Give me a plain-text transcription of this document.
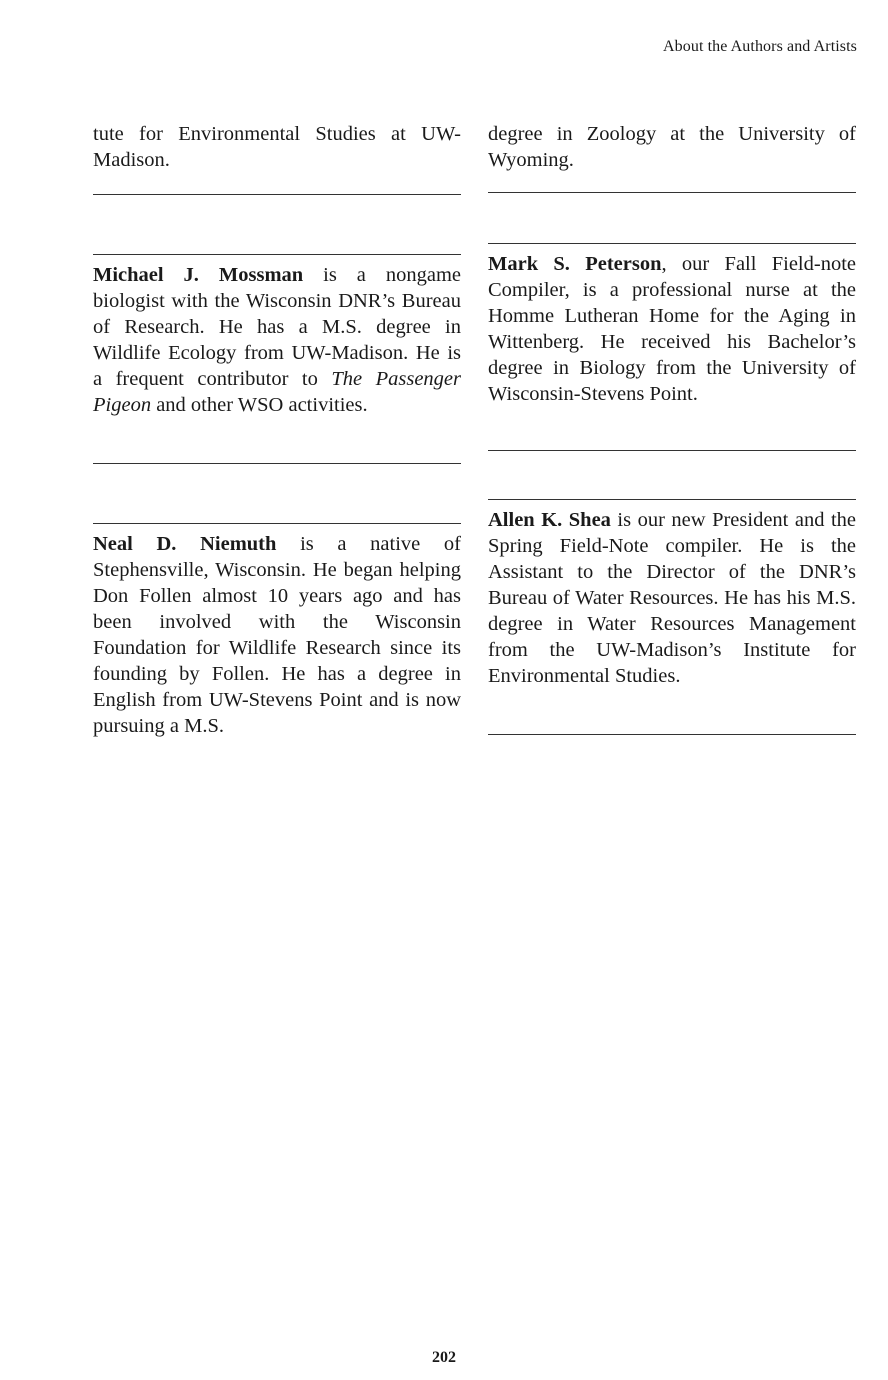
About the Authors and Artists

tute for Environmental Studies at UW-Madison.

Michael J. Mossman is a nongame biologist with the Wisconsin DNR’s Bureau of Research. He has a M.S. degree in Wildlife Ecology from UW-Madison. He is a frequent contributor to The Passenger Pigeon and other WSO activities.

Neal D. Niemuth is a native of Stephensville, Wisconsin. He began helping Don Follen almost 10 years ago and has been involved with the Wisconsin Foundation for Wildlife Research since its founding by Follen. He has a degree in English from UW-Stevens Point and is now pursuing a M.S.

degree in Zoology at the University of Wyoming.

Mark S. Peterson, our Fall Field-note Compiler, is a professional nurse at the Homme Lutheran Home for the Aging in Wittenberg. He received his Bachelor’s degree in Biology from the University of Wisconsin-Stevens Point.

Allen K. Shea is our new President and the Spring Field-Note compiler. He is the Assistant to the Director of the DNR’s Bureau of Water Resources. He has his M.S. degree in Water Resources Management from the UW-Madison’s Institute for Environmental Studies.

202
